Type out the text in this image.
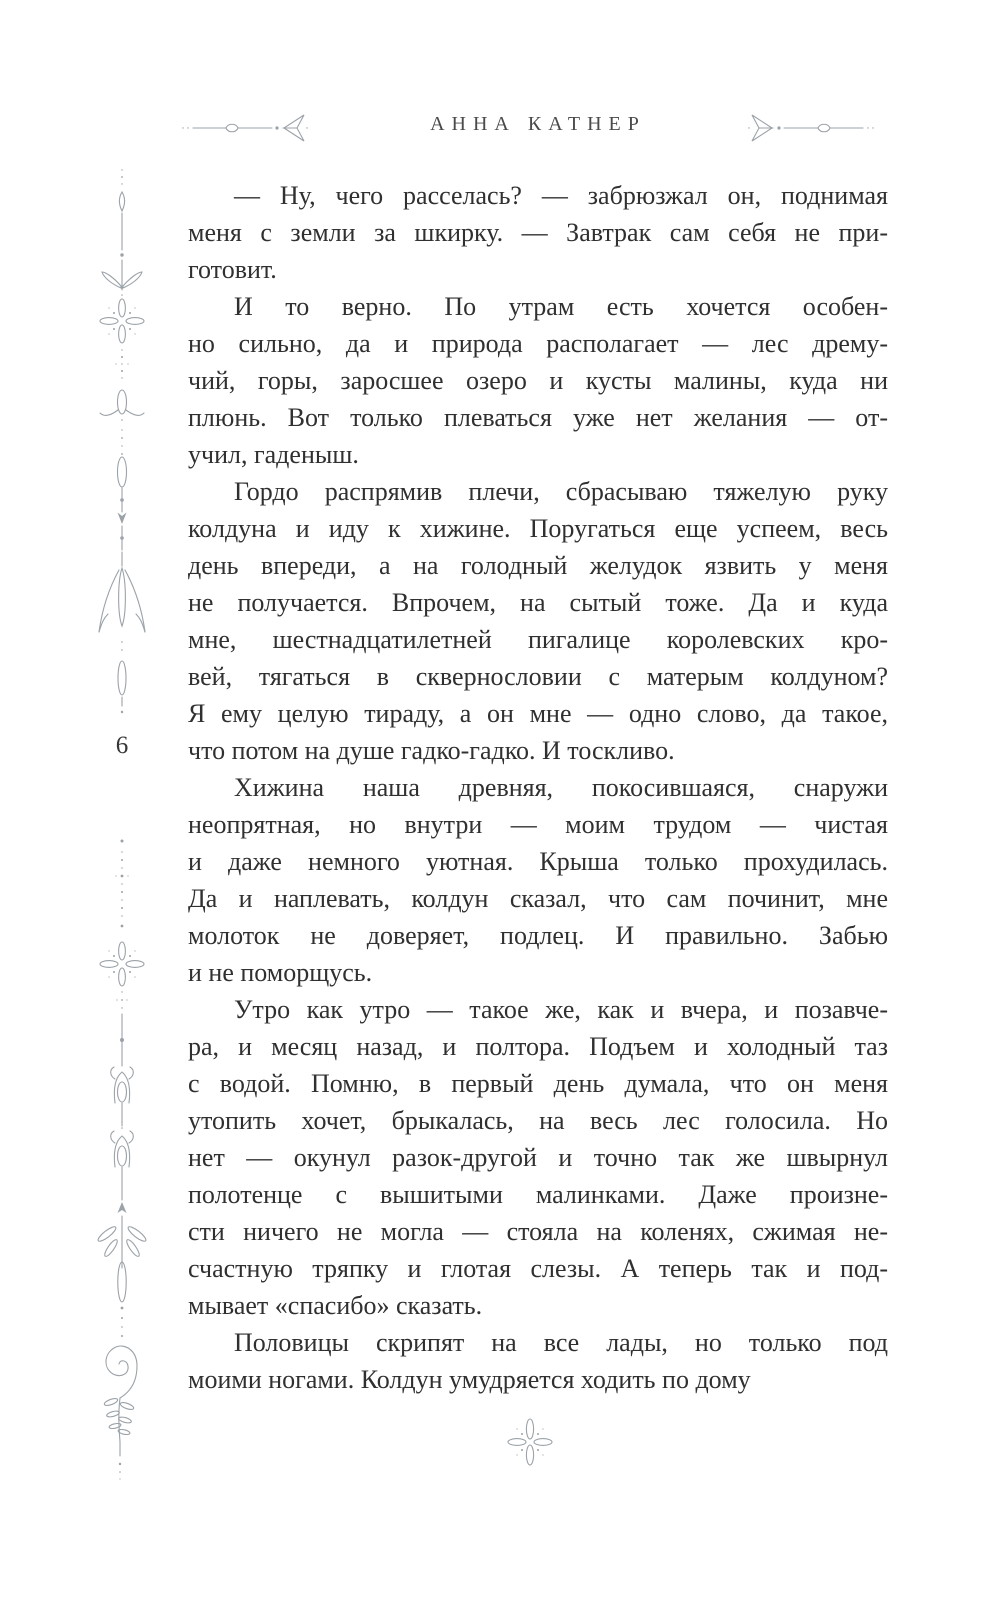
АННА КАТНЕР
6
— Ну, чего расселась? — забрюзжал он, поднимая
меня с земли за шкирку. — Завтрак сам себя не при-
готовит.
И то верно. По утрам есть хочется особен-
но сильно, да и природа располагает — лес дрему-
чий, горы, заросшее озеро и кусты малины, куда ни
плюнь. Вот только плеваться уже нет желания — от-
учил, гаденыш.
Гордо распрямив плечи, сбрасываю тяжелую руку
колдуна и иду к хижине. Поругаться еще успеем, весь
день впереди, а на голодный желудок язвить у меня
не получается. Впрочем, на сытый тоже. Да и куда
мне, шестнадцатилетней пигалице королевских кро-
вей, тягаться в сквернословии с матерым колдуном?
Я ему целую тираду, а он мне — одно слово, да такое,
что потом на душе гадко-гадко. И тоскливо.
Хижина наша древняя, покосившаяся, снаружи
неопрятная, но внутри — моим трудом — чистая
и даже немного уютная. Крыша только прохудилась.
Да и наплевать, колдун сказал, что сам починит, мне
молоток не доверяет, подлец. И правильно. Забью
и не поморщусь.
Утро как утро — такое же, как и вчера, и позавче-
ра, и месяц назад, и полтора. Подъем и холодный таз
с водой. Помню, в первый день думала, что он меня
утопить хочет, брыкалась, на весь лес голосила. Но
нет — окунул разок-другой и точно так же швырнул
полотенце с вышитыми малинками. Даже произне-
сти ничего не могла — стояла на коленях, сжимая не-
счастную тряпку и глотая слезы. А теперь так и под-
мывает «спасибо» сказать.
Половицы скрипят на все лады, но только под
моими ногами. Колдун умудряется ходить по дому
